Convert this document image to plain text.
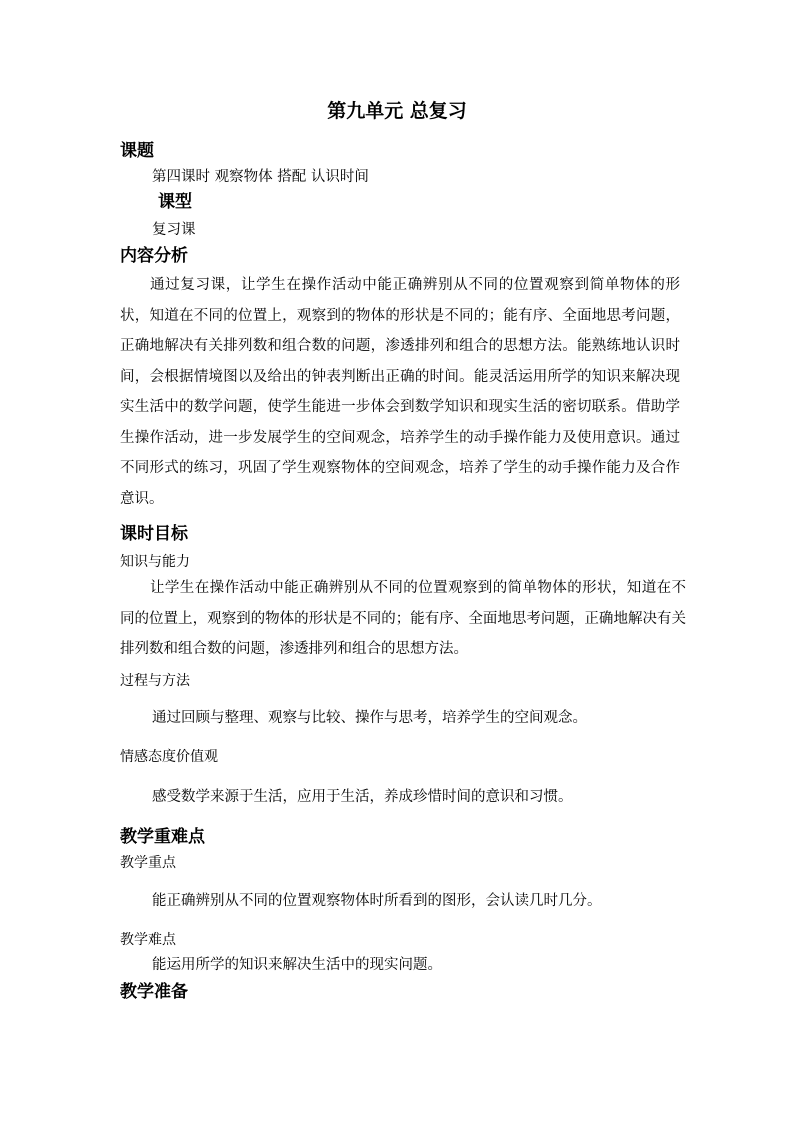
第九单元 总复习
课题
第四课时 观察物体 搭配 认识时间
课型
复习课
内容分析
通过复习课，让学生在操作活动中能正确辨别从不同的位置观察到简单物体的形状，知道在不同的位置上，观察到的物体的形状是不同的；能有序、全面地思考问题，正确地解决有关排列数和组合数的问题，渗透排列和组合的思想方法。能熟练地认识时间，会根据情境图以及给出的钟表判断出正确的时间。能灵活运用所学的知识来解决现实生活中的数学问题，使学生能进一步体会到数学知识和现实生活的密切联系。借助学生操作活动，进一步发展学生的空间观念，培养学生的动手操作能力及使用意识。通过不同形式的练习，巩固了学生观察物体的空间观念，培养了学生的动手操作能力及合作意识。
课时目标
知识与能力
让学生在操作活动中能正确辨别从不同的位置观察到的简单物体的形状，知道在不同的位置上，观察到的物体的形状是不同的；能有序、全面地思考问题，正确地解决有关排列数和组合数的问题，渗透排列和组合的思想方法。
过程与方法
通过回顾与整理、观察与比较、操作与思考，培养学生的空间观念。
情感态度价值观
感受数学来源于生活，应用于生活，养成珍惜时间的意识和习惯。
教学重难点
教学重点
能正确辨别从不同的位置观察物体时所看到的图形，会认读几时几分。
教学难点
能运用所学的知识来解决生活中的现实问题。
教学准备
